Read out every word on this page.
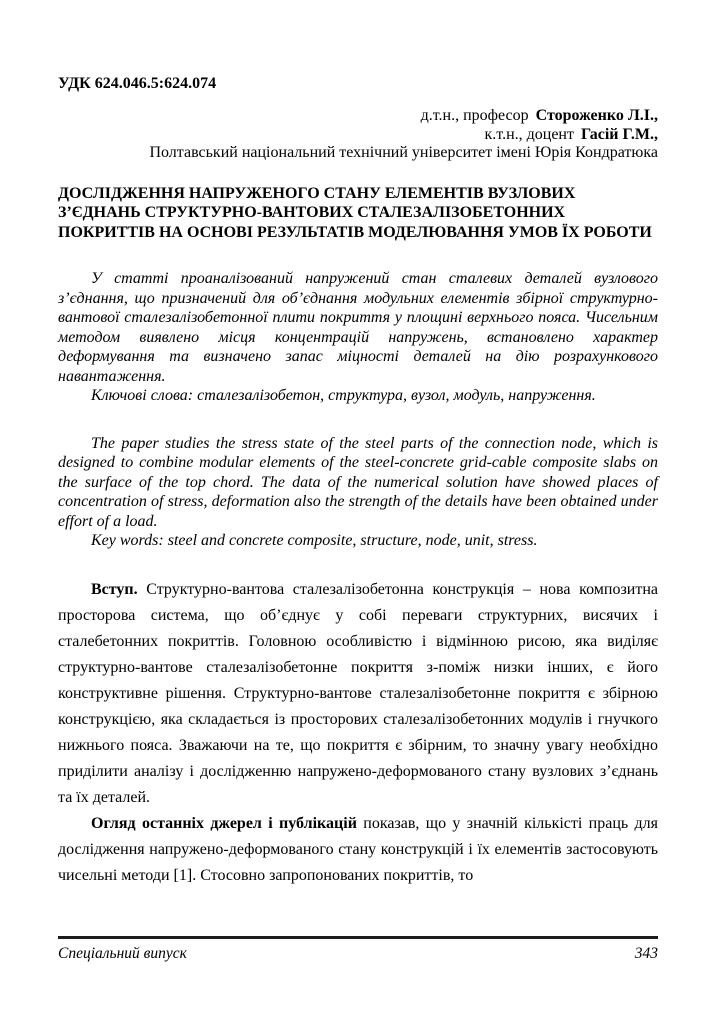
УДК 624.046.5:624.074
д.т.н., професор Стороженко Л.І.,
к.т.н., доцент Гасій Г.М.,
Полтавський національний технічний університет імені Юрія Кондратюка
ДОСЛІДЖЕННЯ НАПРУЖЕНОГО СТАНУ ЕЛЕМЕНТІВ ВУЗЛОВИХ З’ЄДНАНЬ СТРУКТУРНО-ВАНТОВИХ СТАЛЕЗАЛІЗОБЕТОННИХ ПОКРИТТІВ НА ОСНОВІ РЕЗУЛЬТАТІВ МОДЕЛЮВАННЯ УМОВ ЇХ РОБОТИ

У статті проаналізований напружений стан сталевих деталей вузлового з’єднання, що призначений для об’єднання модульних елементів збірної структурно-вантової сталезалізобетонної плити покриття у площині верхнього пояса. Чисельним методом виявлено місця концентрацій напружень, встановлено характер деформування та визначено запас міцності деталей на дію розрахункового навантаження.

Ключові слова: сталезалізобетон, структура, вузол, модуль, напруження.

The paper studies the stress state of the steel parts of the connection node, which is designed to combine modular elements of the steel-concrete grid-cable composite slabs on the surface of the top chord. The data of the numerical solution have showed places of concentration of stress, deformation also the strength of the details have been obtained under effort of a load.

Key words: steel and concrete composite, structure, node, unit, stress.

Вступ. Структурно-вантова сталезалізобетонна конструкція – нова композитна просторова система, що об’єднує у собі переваги структурних, висячих і сталебетонних покриттів. Головною особливістю і відмінною рисою, яка виділяє структурно-вантове сталезалізобетонне покриття з-поміж низки інших, є його конструктивне рішення. Структурно-вантове сталезалізобетонне покриття є збірною конструкцією, яка складається із просторових сталезалізобетонних модулів і гнучкого нижнього пояса. Зважаючи на те, що покриття є збірним, то значну увагу необхідно приділити аналізу і дослідженню напружено-деформованого стану вузлових з’єднань та їх деталей.

Огляд останніх джерел і публікацій показав, що у значній кількісті праць для дослідження напружено-деформованого стану конструкцій і їх елементів застосовують чисельні методи [1]. Стосовно запропонованих покриттів, то

Спеціальний випуск	343
